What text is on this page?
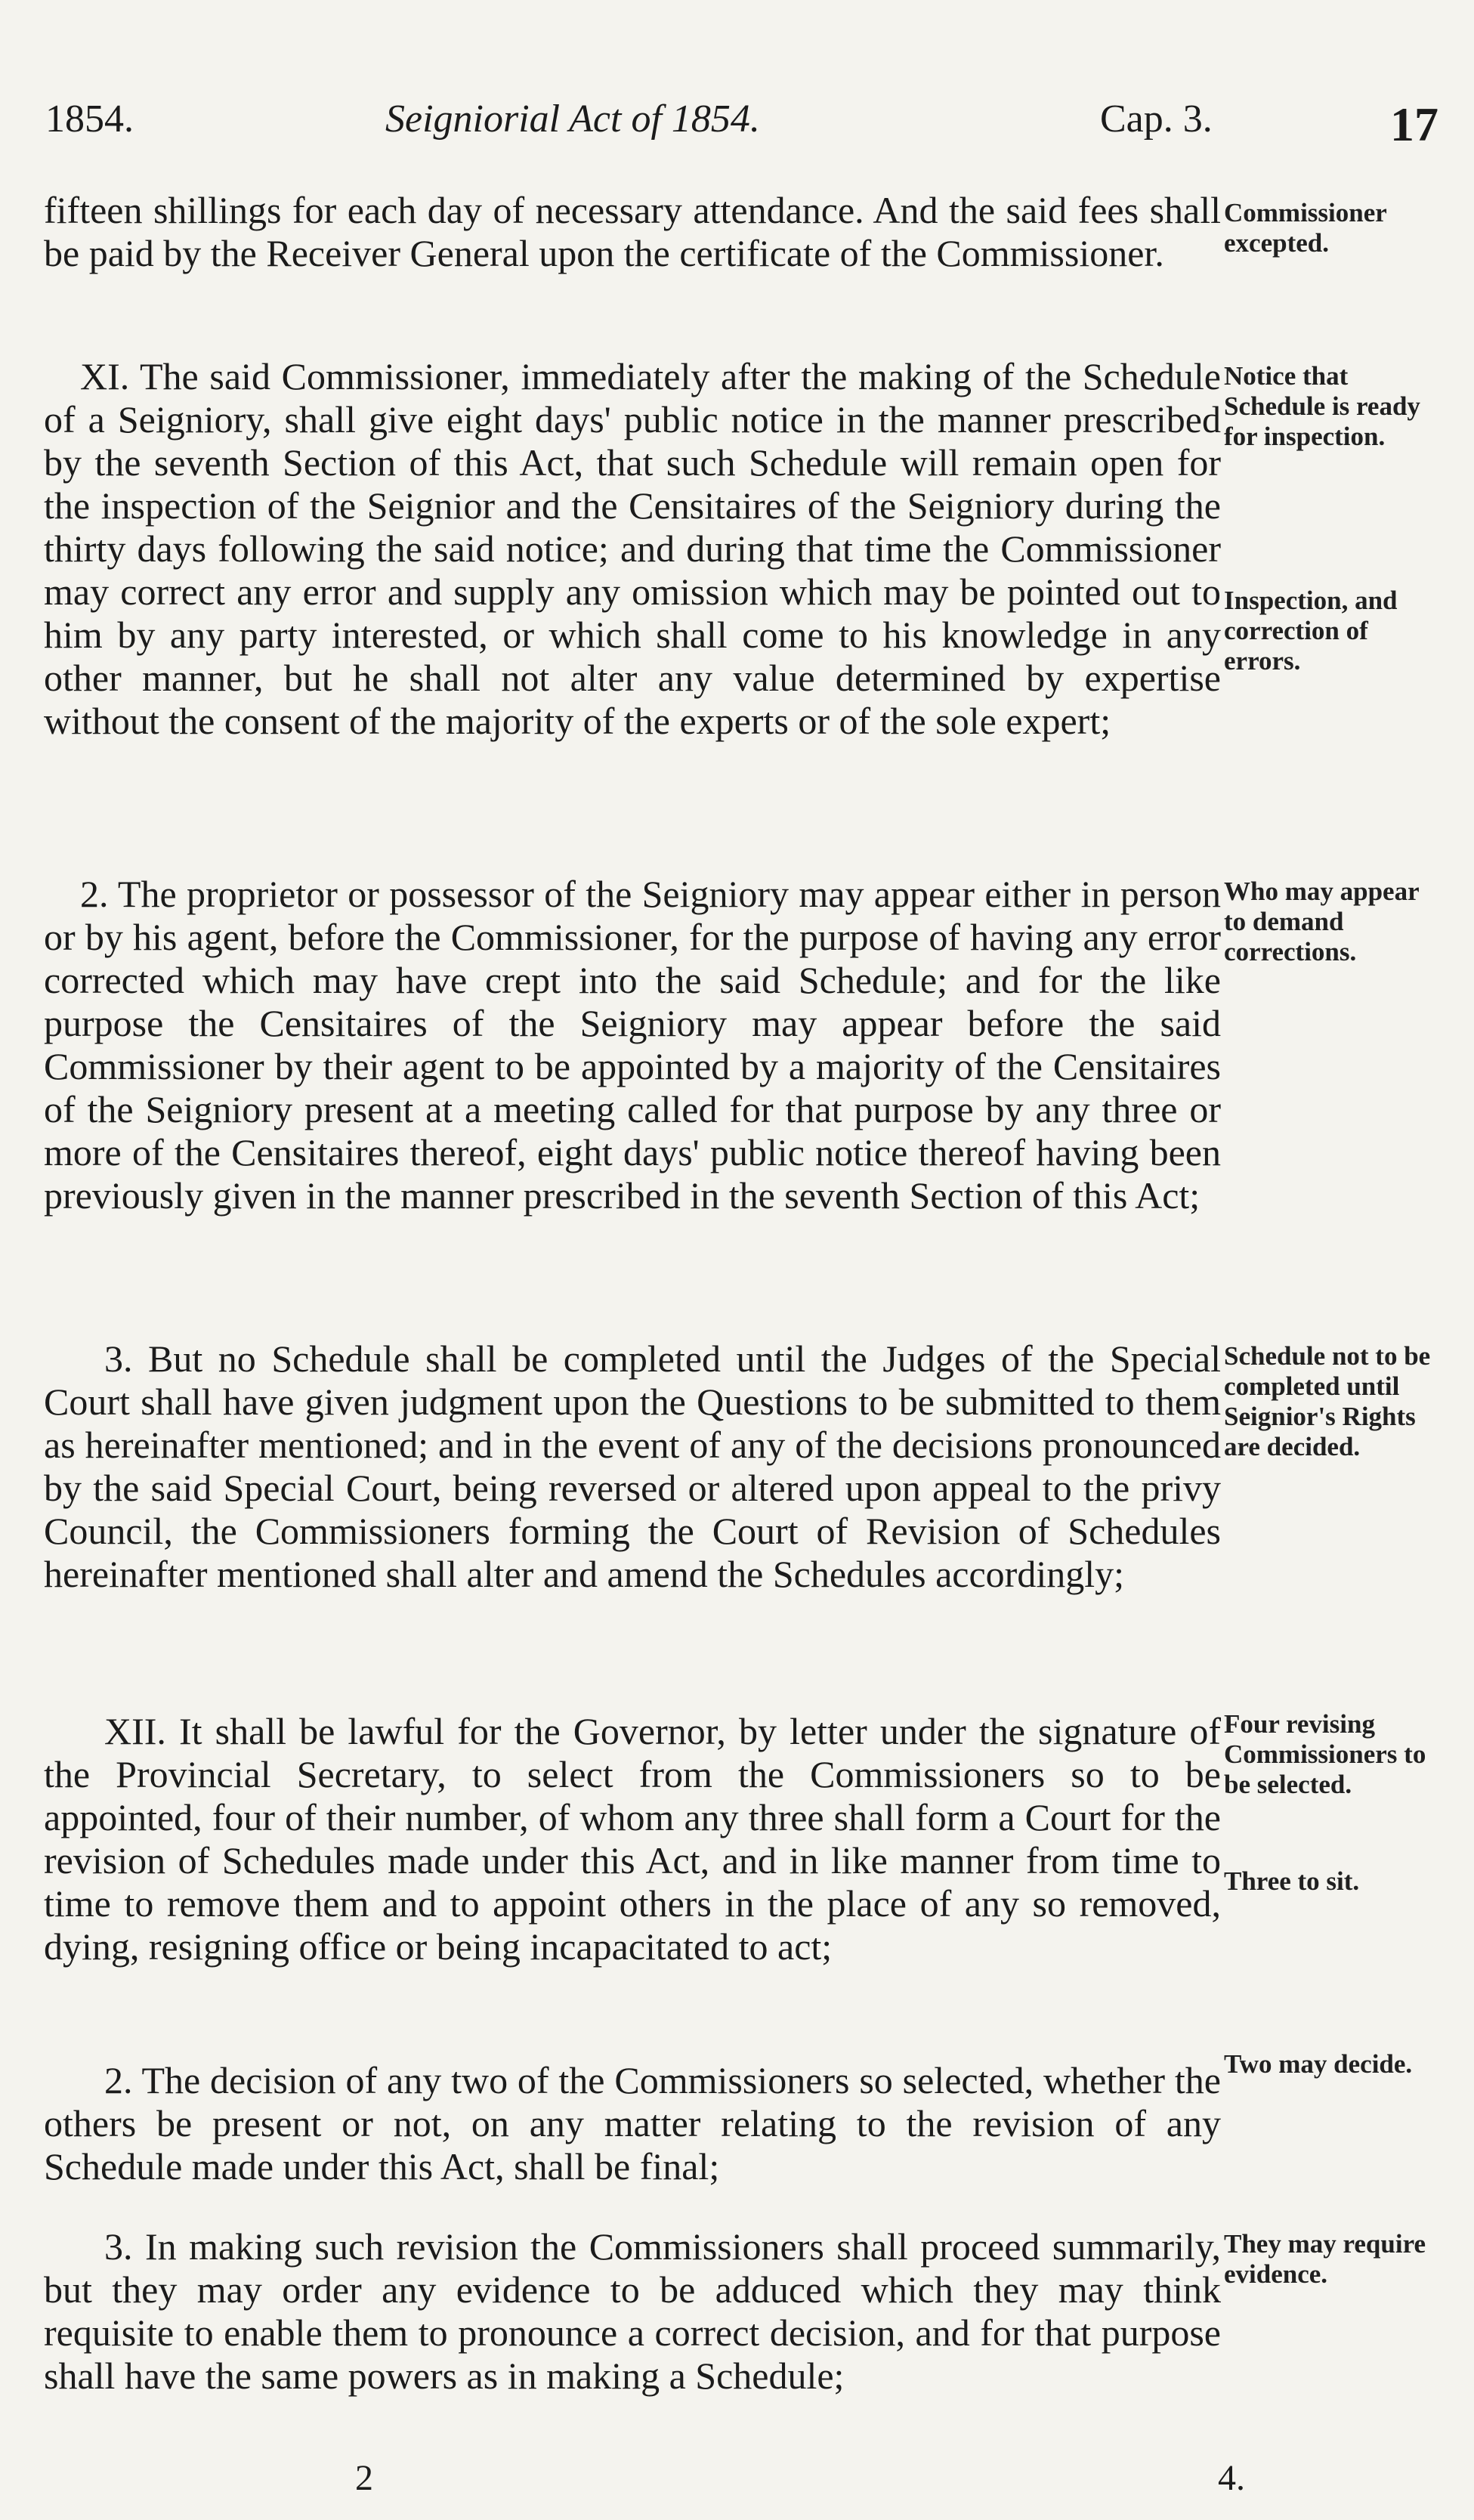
1854.	Seigniorial Act of 1854.	Cap. 3.	17

fifteen shillings for each day of necessary attendance. And the said fees shall be paid by the Receiver General upon the certificate of the Commissioner.

XI. The said Commissioner, immediately after the making of the Schedule of a Seigniory, shall give eight days' public notice in the manner prescribed by the seventh Section of this Act, that such Schedule will remain open for the inspection of the Seignior and the Censitaires of the Seigniory during the thirty days following the said notice; and during that time the Commissioner may correct any error and supply any omission which may be pointed out to him by any party interested, or which shall come to his knowledge in any other manner, but he shall not alter any value determined by expertise without the consent of the majority of the experts or of the sole expert;

2. The proprietor or possessor of the Seigniory may appear either in person or by his agent, before the Commissioner, for the purpose of having any error corrected which may have crept into the said Schedule; and for the like purpose the Censitaires of the Seigniory may appear before the said Commissioner by their agent to be appointed by a majority of the Censitaires of the Seigniory present at a meeting called for that purpose by any three or more of the Censitaires thereof, eight days' public notice thereof having been previously given in the manner prescribed in the seventh Section of this Act;

3. But no Schedule shall be completed until the Judges of the Special Court shall have given judgment upon the Questions to be submitted to them as hereinafter mentioned; and in the event of any of the decisions pronounced by the said Special Court, being reversed or altered upon appeal to the privy Council, the Commissioners forming the Court of Revision of Schedules hereinafter mentioned shall alter and amend the Schedules accordingly;

XII. It shall be lawful for the Governor, by letter under the signature of the Provincial Secretary, to select from the Commissioners so to be appointed, four of their number, of whom any three shall form a Court for the revision of Schedules made under this Act, and in like manner from time to time to remove them and to appoint others in the place of any so removed, dying, resigning office or being incapacitated to act;

2. The decision of any two of the Commissioners so selected, whether the others be present or not, on any matter relating to the revision of any Schedule made under this Act, shall be final;

3. In making such revision the Commissioners shall proceed summarily, but they may order any evidence to be adduced which they may think requisite to enable them to pronounce a correct decision, and for that purpose shall have the same powers as in making a Schedule;

Commissioner excepted.
Notice that Schedule is ready for inspection.
Inspection, and correction of errors.
Who may appear to demand corrections.
Schedule not to be completed until Seignior's Rights are decided.
Four revising Commissioners to be selected.
Three to sit.
Two may decide.
They may require evidence.
2	4.
